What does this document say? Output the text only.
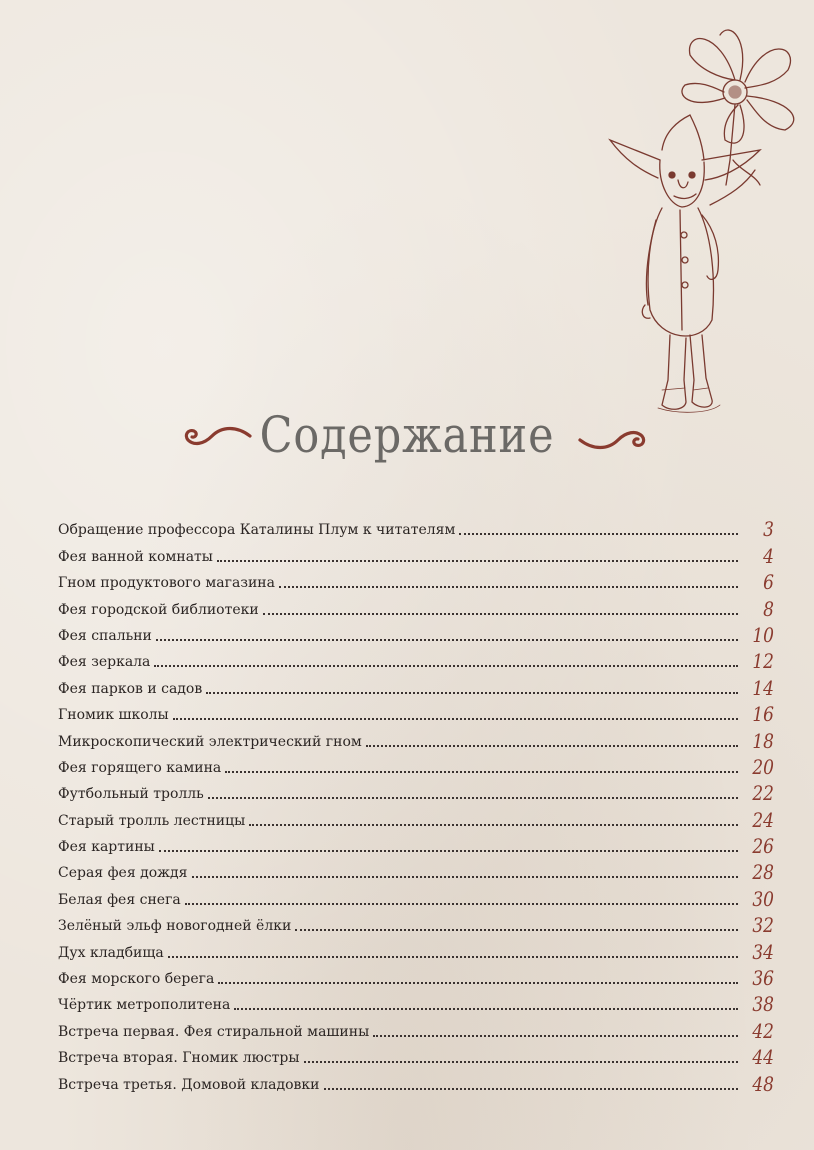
Содержание
Обращение профессора Каталины Плум к читателям	3
Фея ванной комнаты	4
Гном продуктового магазина	6
Фея городской библиотеки	8
Фея спальни	10
Фея зеркала	12
Фея парков и садов	14
Гномик школы	16
Микроскопический электрический гном	18
Фея горящего камина	20
Футбольный тролль	22
Старый тролль лестницы	24
Фея картины	26
Серая фея дождя	28
Белая фея снега	30
Зелёный эльф новогодней ёлки	32
Дух кладбища	34
Фея морского берега	36
Чёртик метрополитена	38
Встреча первая. Фея стиральной машины	42
Встреча вторая. Гномик люстры	44
Встреча третья. Домовой кладовки	48
